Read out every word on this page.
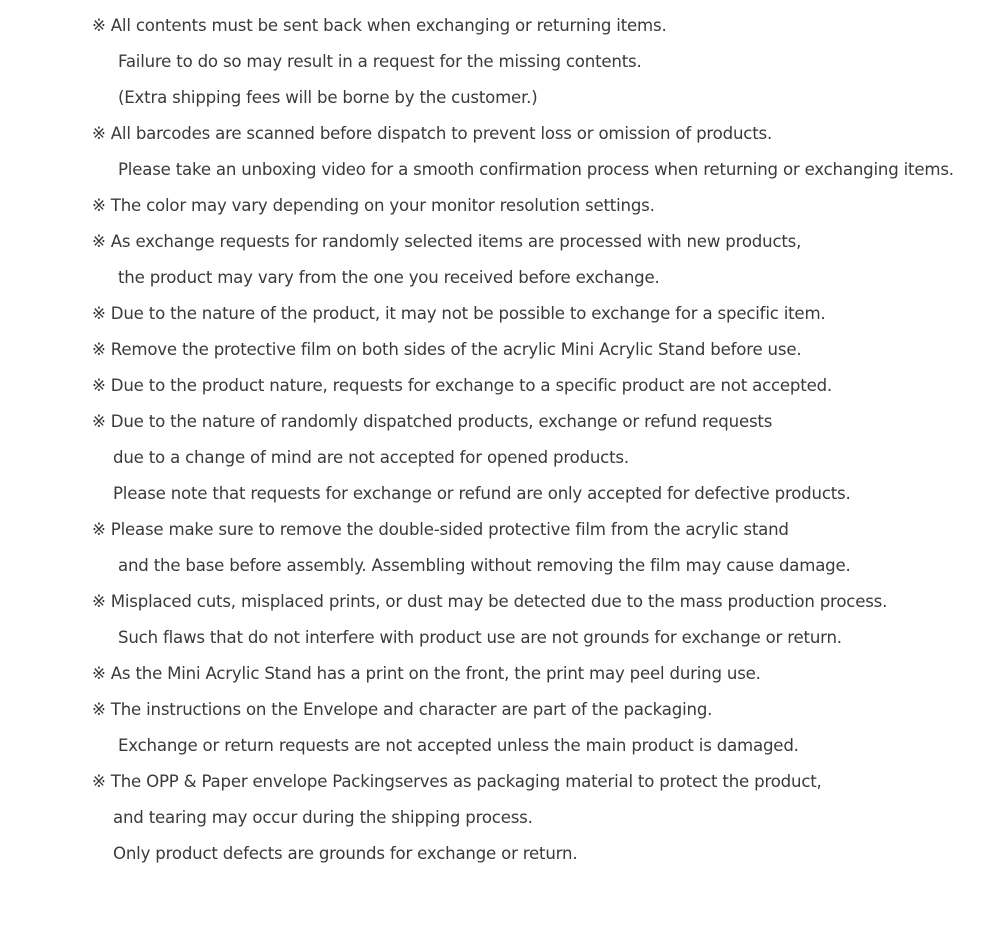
※ All contents must be sent back when exchanging or returning items.
Failure to do so may result in a request for the missing contents.
(Extra shipping fees will be borne by the customer.)
※ All barcodes are scanned before dispatch to prevent loss or omission of products.
Please take an unboxing video for a smooth confirmation process when returning or exchanging items.
※ The color may vary depending on your monitor resolution settings.
※ As exchange requests for randomly selected items are processed with new products,
the product may vary from the one you received before exchange.
※ Due to the nature of the product, it may not be possible to exchange for a specific item.
※ Remove the protective film on both sides of the acrylic Mini Acrylic Stand before use.
※ Due to the product nature, requests for exchange to a specific product are not accepted.
※ Due to the nature of randomly dispatched products, exchange or refund requests
due to a change of mind are not accepted for opened products.
Please note that requests for exchange or refund are only accepted for defective products.
※ Please make sure to remove the double-sided protective film from the acrylic stand
and the base before assembly. Assembling without removing the film may cause damage.
※ Misplaced cuts, misplaced prints, or dust may be detected due to the mass production process.
Such flaws that do not interfere with product use are not grounds for exchange or return.
※ As the Mini Acrylic Stand has a print on the front, the print may peel during use.
※ The instructions on the Envelope and character are part of the packaging.
Exchange or return requests are not accepted unless the main product is damaged.
※ The OPP & Paper envelope Packingserves as packaging material to protect the product,
and tearing may occur during the shipping process.
Only product defects are grounds for exchange or return.
